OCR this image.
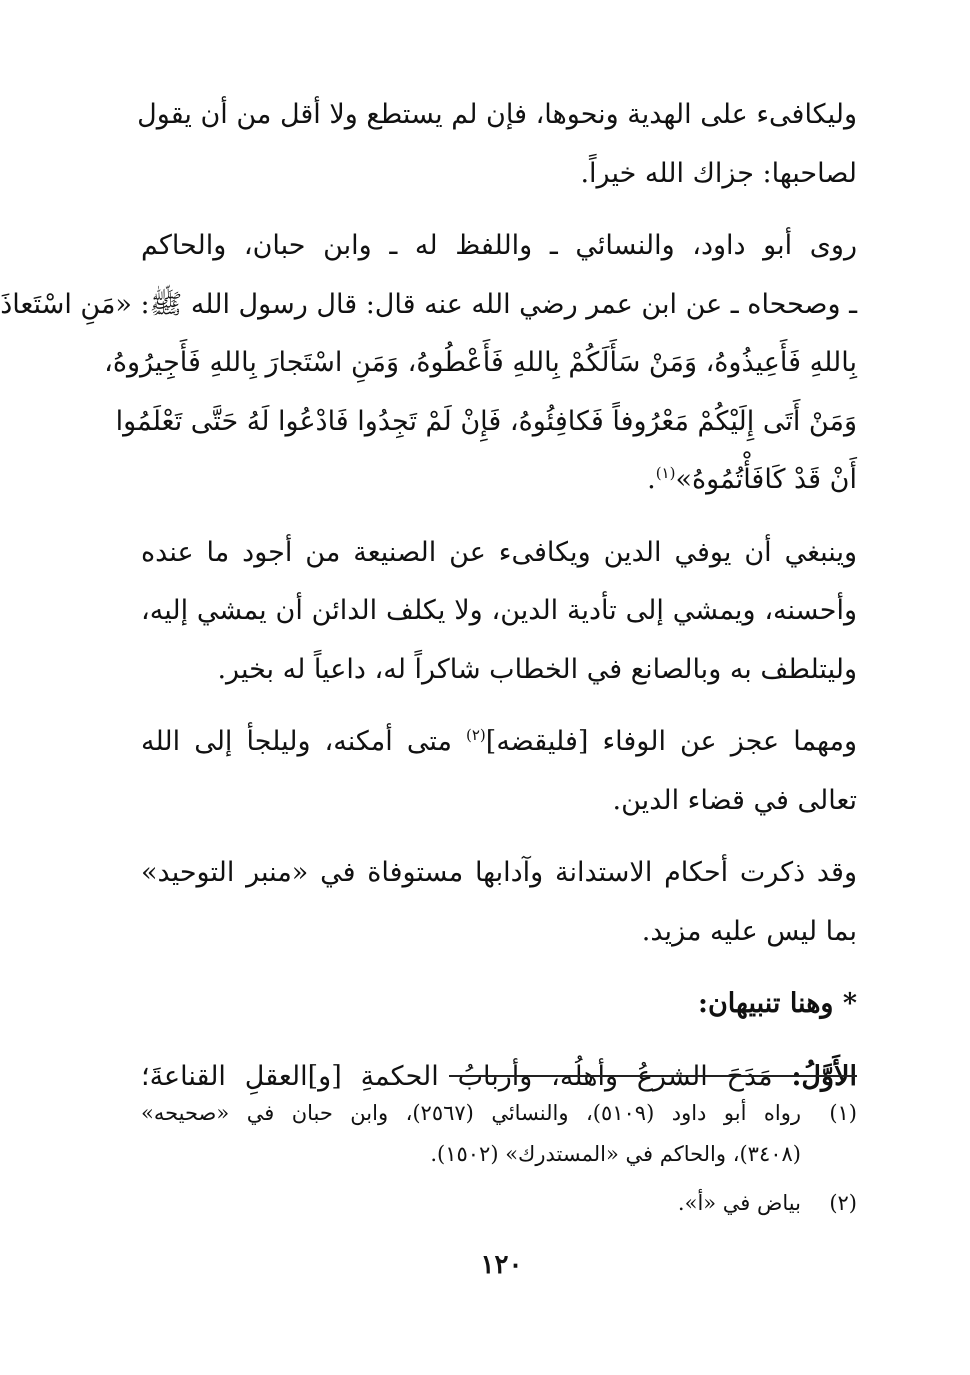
وليكافىء على الهدية ونحوها، فإن لم يستطع ولا أقل من أن يقول
لصاحبها: جزاك الله خيراً.
روى أبو داود، والنسائي ـ واللفظ له ـ وابن حبان، والحاكم
ـ وصححاه ـ عن ابن عمر رضي الله عنه قال: قال رسول الله ﷺ: «مَنِ اسْتَعاذَ
بِاللهِ فَأَعِيذُوهُ، وَمَنْ سَأَلَكُمْ بِاللهِ فَأَعْطُوهُ، وَمَنِ اسْتَجارَ بِاللهِ فَأَجِيرُوهُ،
وَمَنْ أَتَى إِلَيْكُمْ مَعْرُوفاً فَكافِئُوهُ، فَإِنْ لَمْ تَجِدُوا فَادْعُوا لَهُ حَتَّى تَعْلَمُوا
أَنْ قَدْ كَافَأْتُمُوهُ»$^{(١)}$.
وينبغي أن يوفي الدين ويكافىء عن الصنيعة من أجود ما عنده
وأحسنه، ويمشي إلى تأدية الدين، ولا يكلف الدائن أن يمشي إليه،
وليتلطف به وبالصانع في الخطاب شاكراً له، داعياً له بخير.
ومهما عجز عن الوفاء [فليقضه]$^{(٢)}$ متى أمكنه، وليلجأ إلى الله
تعالى في قضاء الدين.
وقد ذكرت أحكام الاستدانة وآدابها مستوفاة في «منبر التوحيد»
بما ليس عليه مزيد.
* وهنا تنبيهان:
الأَوَّلُ: مَدَحَ الشرعُ وأهلُه، وأربابُ الحكمةِ [و]العقلِ القناعةَ؛
(١)
رواه أبو داود (٥١٠٩)، والنسائي (٢٥٦٧)، وابن حبان في «صحيحه»
(٣٤٠٨)، والحاكم في «المستدرك» (١٥٠٢).
(٢)
بياض في «أ».
١٢٠
